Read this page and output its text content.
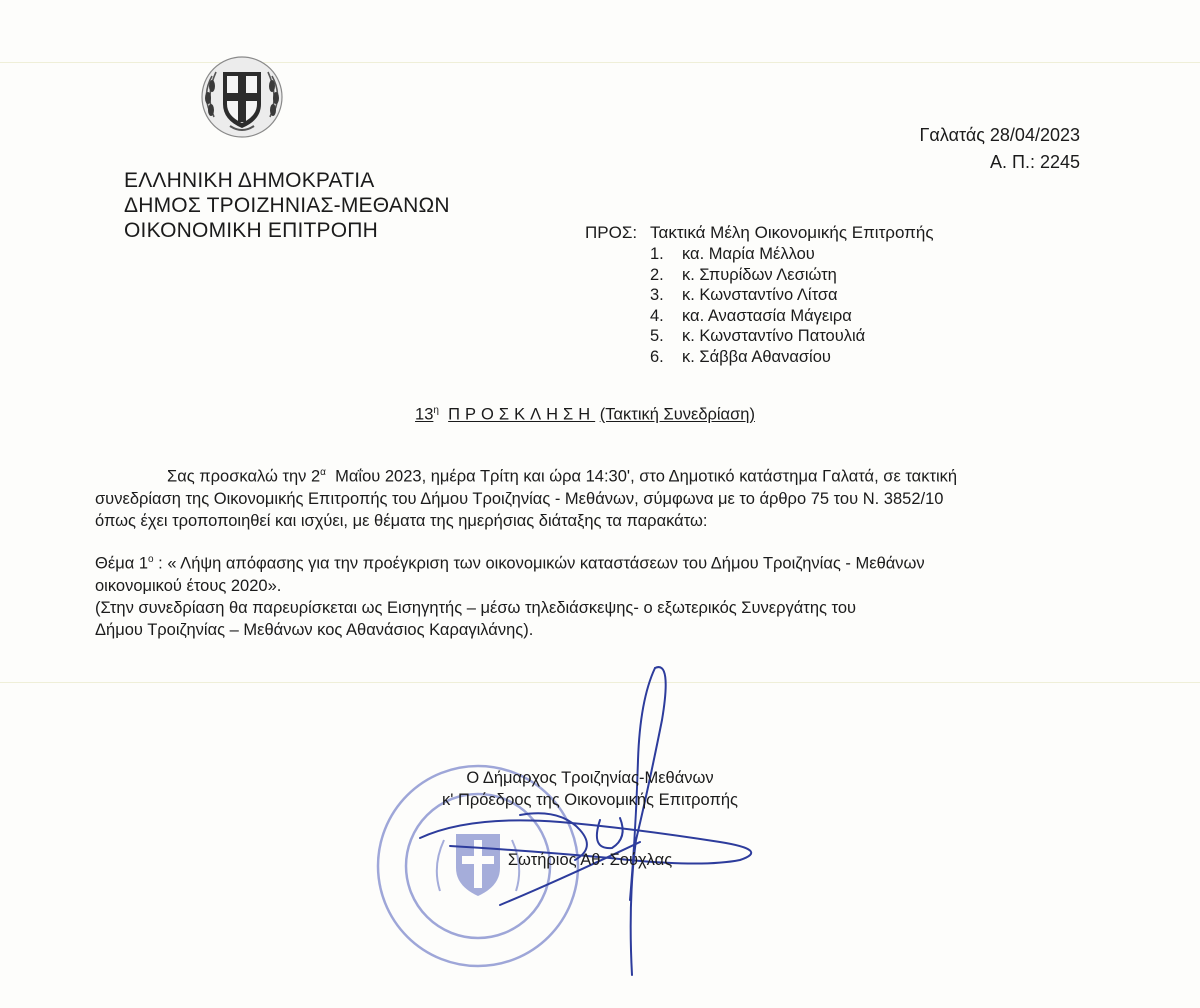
Γαλατάς 28/04/2023
Α. Π.: 2245
ΕΛΛΗΝΙΚΗ ΔΗΜΟΚΡΑΤΙΑ
ΔΗΜΟΣ ΤΡΟΙΖΗΝΙΑΣ-ΜΕΘΑΝΩΝ
ΟΙΚΟΝΟΜΙΚΗ ΕΠΙΤΡΟΠΗ	ΠΡΟΣ: Τακτικά Μέλη Οικονομικής Επιτροπής
1.	κα. Μαρία Μέλλου
2.	κ. Σπυρίδων Λεσιώτη
3.	κ. Κωνσταντίνο Λίτσα
4.	κα. Αναστασία Μάγειρα
5.	κ. Κωνσταντίνο Πατουλιά
6.	κ. Σάββα Αθανασίου
$13^\eta$ ΠΡΟΣΚΛΗΣΗ (Τακτική Συνεδρίαση)
Σας προσκαλώ την $2^\alpha$ Μαΐου 2023, ημέρα Τρίτη και ώρα 14:30', στο Δημοτικό κατάστημα Γαλατά, σε τακτική
συνεδρίαση της Οικονομικής Επιτροπής του Δήμου Τροιζηνίας - Μεθάνων, σύμφωνα με το άρθρο 75 του Ν. 3852/10
όπως έχει τροποποιηθεί και ισχύει, με θέματα της ημερήσιας διάταξης τα παρακάτω:
Θέμα $1^o$ : « Λήψη απόφασης για την προέγκριση των οικονομικών καταστάσεων του Δήμου Τροιζηνίας - Μεθάνων
οικονομικού έτους 2020».
(Στην συνεδρίαση θα παρευρίσκεται ως Εισηγητής – μέσω τηλεδιάσκεψης- ο εξωτερικός Συνεργάτης του
Δήμου Τροιζηνίας – Μεθάνων κος Αθανάσιος Καραγιλάνης).
Ο Δήμαρχος Τροιζηνίας-Μεθάνων
κ' Πρόεδρος της Οικονομικής Επιτροπής
Σωτήριος Αθ. Σούχλας
